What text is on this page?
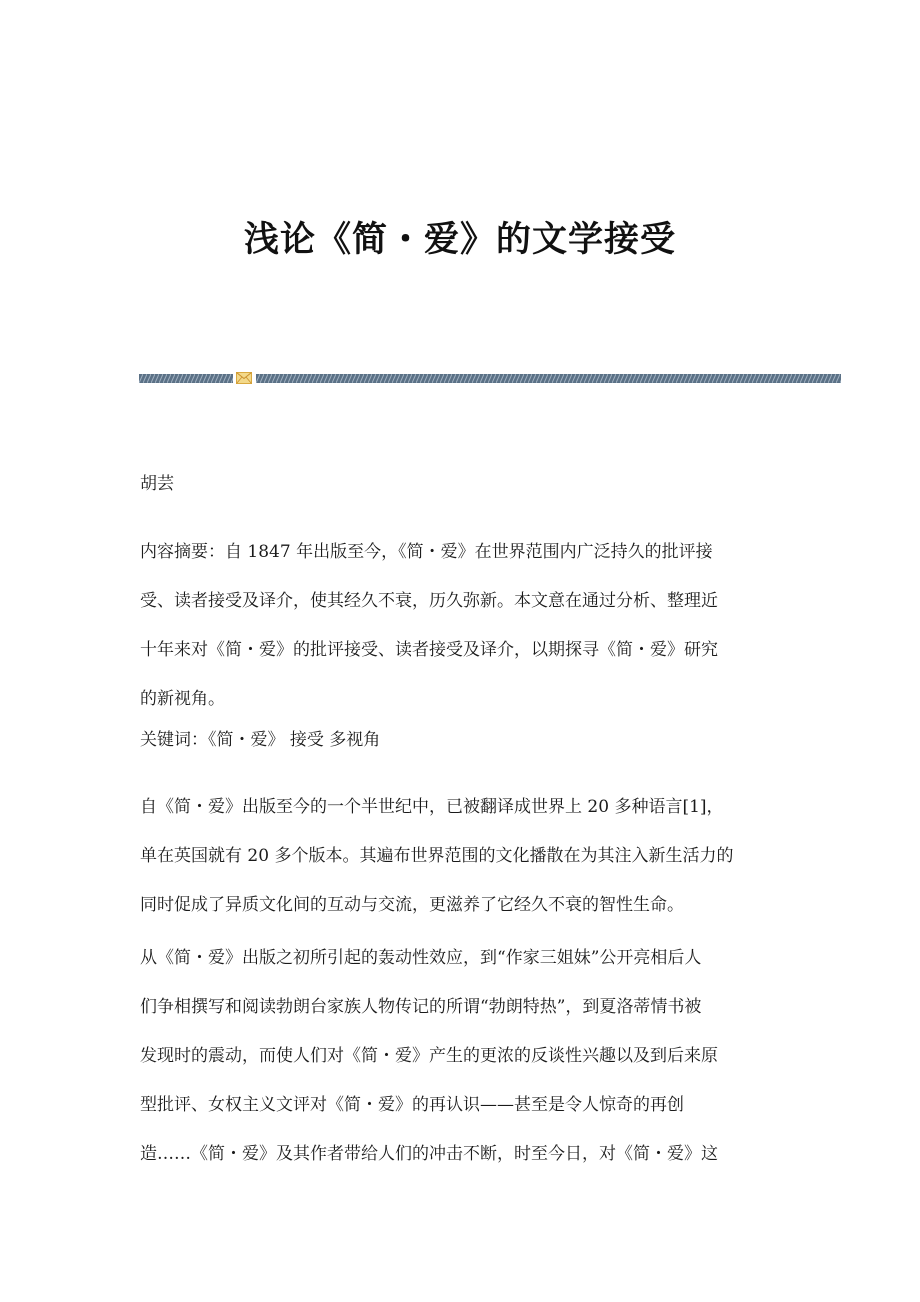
浅论《简・爱》的文学接受

胡芸

内容摘要：自 1847 年出版至今，《简・爱》在世界范围内广泛持久的批评接
受、读者接受及译介，使其经久不衰，历久弥新。本文意在通过分析、整理近
十年来对《简・爱》的批评接受、读者接受及译介，以期探寻《简・爱》研究
的新视角。

关键词：《简・爱》 接受 多视角

自《简・爱》出版至今的一个半世纪中，已被翻译成世界上 20 多种语言[1]，
单在英国就有 20 多个版本。其遍布世界范围的文化播散在为其注入新生活力的
同时促成了异质文化间的互动与交流，更滋养了它经久不衰的智性生命。
从《简・爱》出版之初所引起的轰动性效应，到“作家三姐妹”公开亮相后人
们争相撰写和阅读勃朗台家族人物传记的所谓“勃朗特热”，到夏洛蒂情书被
发现时的震动，而使人们对《简・爱》产生的更浓的反谈性兴趣以及到后来原
型批评、女权主义文评对《简・爱》的再认识——甚至是令人惊奇的再创
造……《简・爱》及其作者带给人们的冲击不断，时至今日，对《简・爱》这
